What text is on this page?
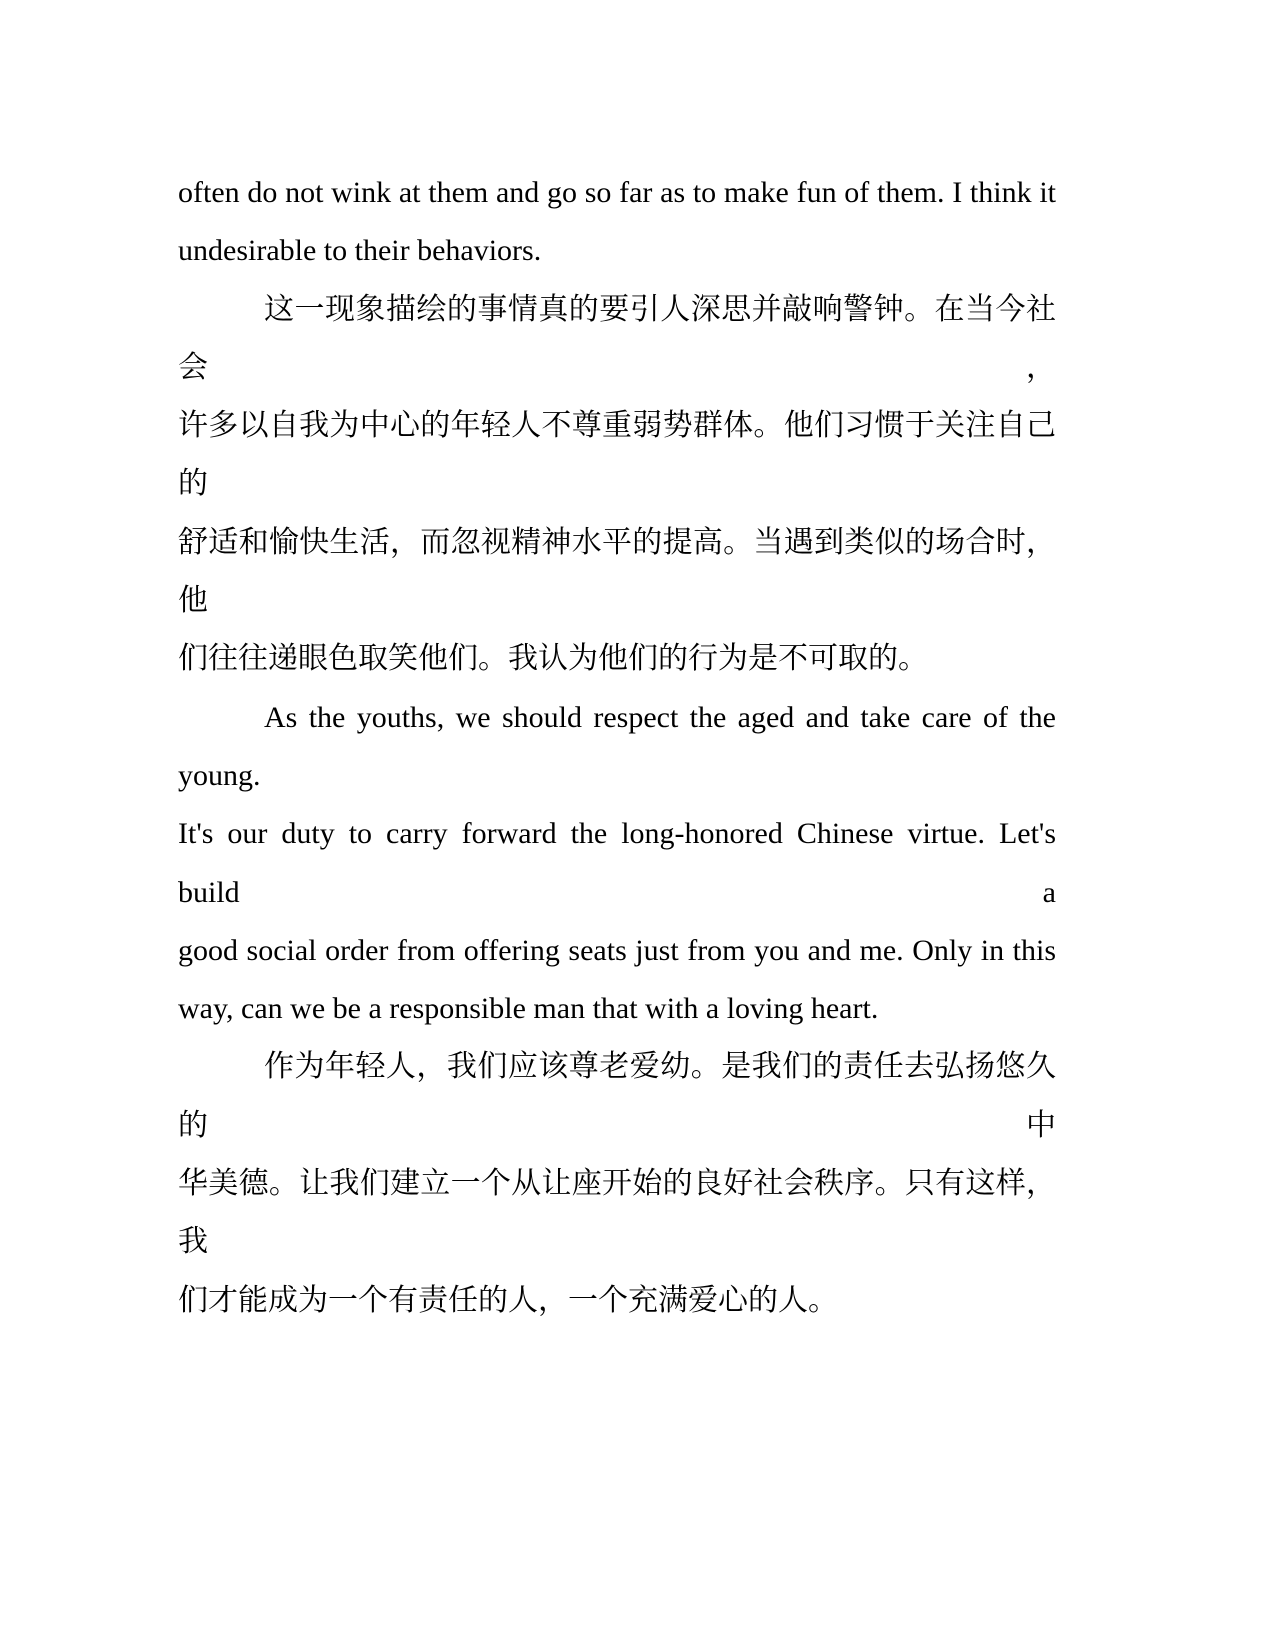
often do not wink at them and go so far as to make fun of them. I think it
undesirable to their behaviors.
这一现象描绘的事情真的要引人深思并敲响警钟。在当今社会，
许多以自我为中心的年轻人不尊重弱势群体。他们习惯于关注自己的
舒适和愉快生活，而忽视精神水平的提高。当遇到类似的场合时，他
们往往递眼色取笑他们。我认为他们的行为是不可取的。
As the youths, we should respect the aged and take care of the young.
It's our duty to carry forward the long-honored Chinese virtue. Let's build a
good social order from offering seats just from you and me. Only in this
way, can we be a responsible man that with a loving heart.
作为年轻人，我们应该尊老爱幼。是我们的责任去弘扬悠久的中
华美德。让我们建立一个从让座开始的良好社会秩序。只有这样，我
们才能成为一个有责任的人，一个充满爱心的人。
